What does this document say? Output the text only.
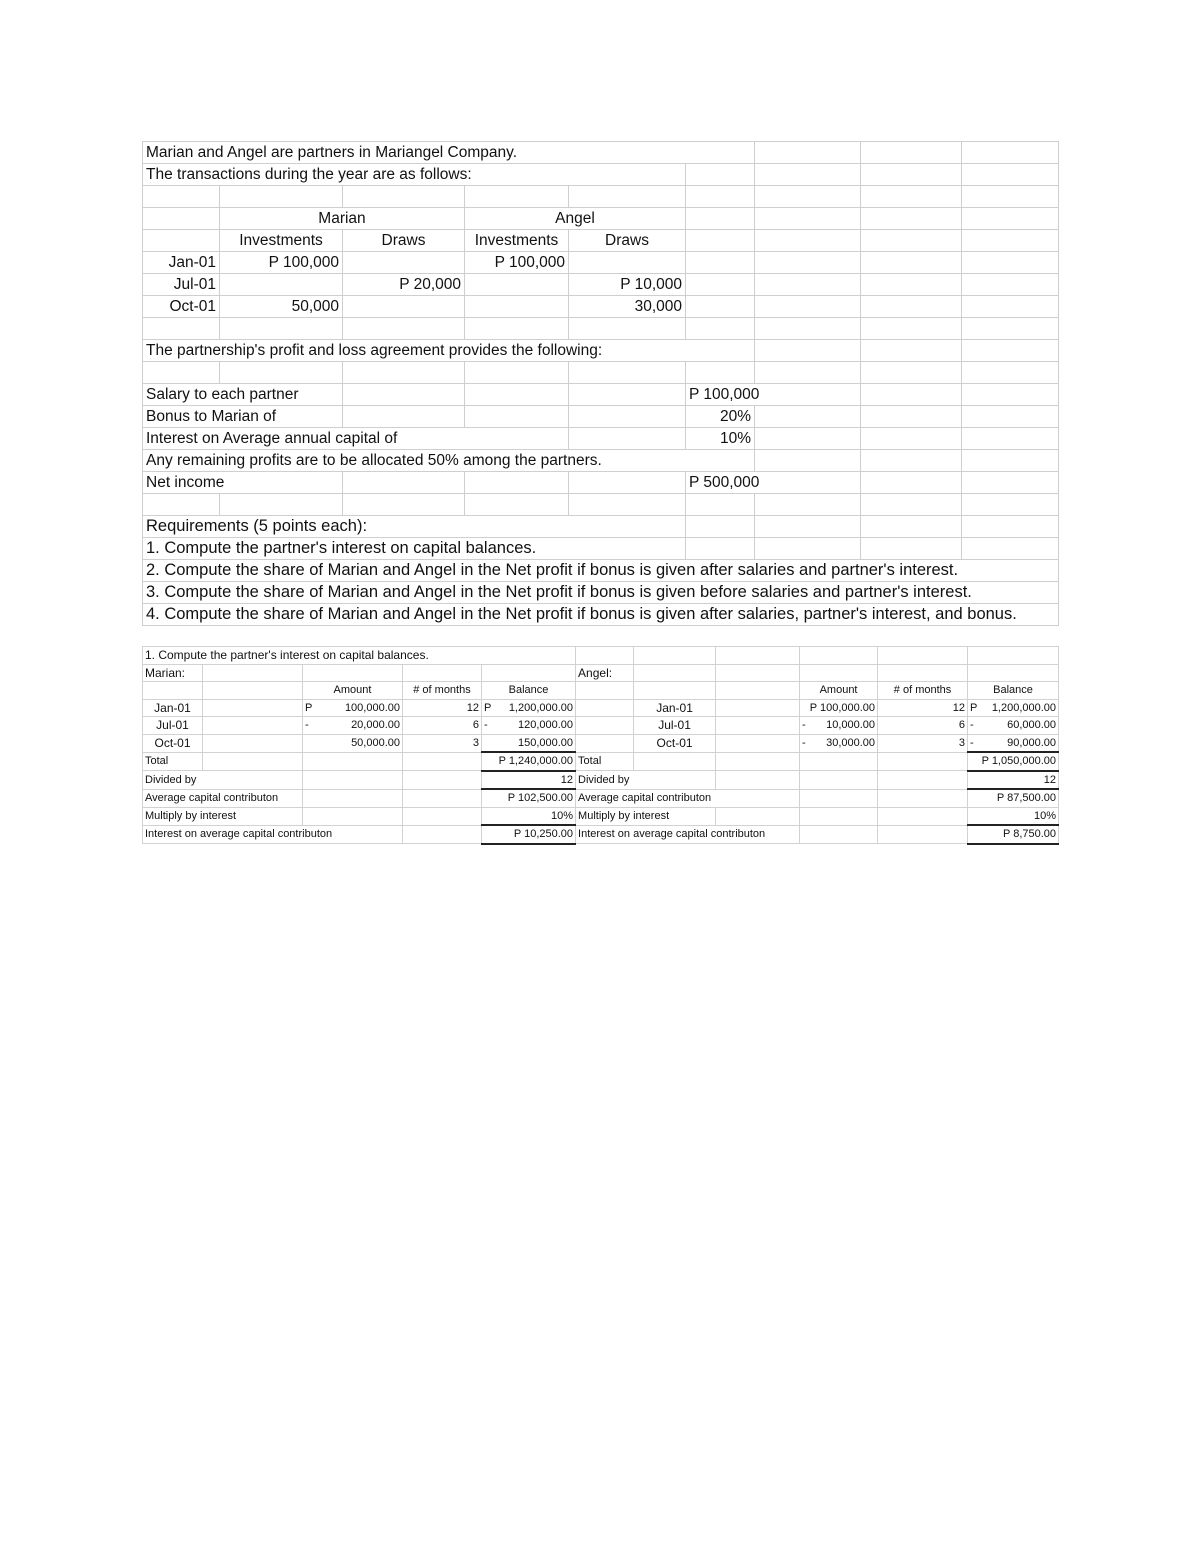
Marian and Angel are partners in Mariangel Company.								
The transactions during the year are as follows:								

	Marian		Angel					
	Investments	Draws	Investments	Draws				
Jan-01	P 100,000		P 100,000					
Jul-01		P 20,000		P 10,000				
Oct-01	50,000			30,000				

The partnership's profit and loss agreement provides the following:								

Salary to each partner					P 100,000			
Bonus to Marian of					20%			
Interest on Average annual capital of					10%			
Any remaining profits are to be allocated 50% among the partners.								
Net income					P 500,000			

Requirements (5 points each):								
1. Compute the partner's interest on capital balances.								
2. Compute the share of Marian and Angel in the Net profit if bonus is given after salaries and partner's interest.								
3. Compute the share of Marian and Angel in the Net profit if bonus is given before salaries and partner's interest.								
4. Compute the share of Marian and Angel in the Net profit if bonus is given after salaries, partner's interest, and bonus.								
1. Compute the partner's interest on capital balances.										
Marian:					Angel:					
		Amount	# of months	Balance				Amount	# of months	Balance
Jan-01		P 100,000.00	12	P 1,200,000.00		Jan-01		P 100,000.00	12	P 1,200,000.00
Jul-01		- 20,000.00	6	- 120,000.00		Jul-01		- 10,000.00	6	- 60,000.00
Oct-01		50,000.00	3	150,000.00		Oct-01		- 30,000.00	3	- 90,000.00
Total				P 1,240,000.00	Total					P 1,050,000.00
Divided by				12	Divided by					12
Average capital contributon				P 102,500.00	Average capital contributon					P 87,500.00
Multiply by interest				10%	Multiply by interest					10%
Interest on average capital contributon				P 10,250.00	Interest on average capital contributon					P 8,750.00
